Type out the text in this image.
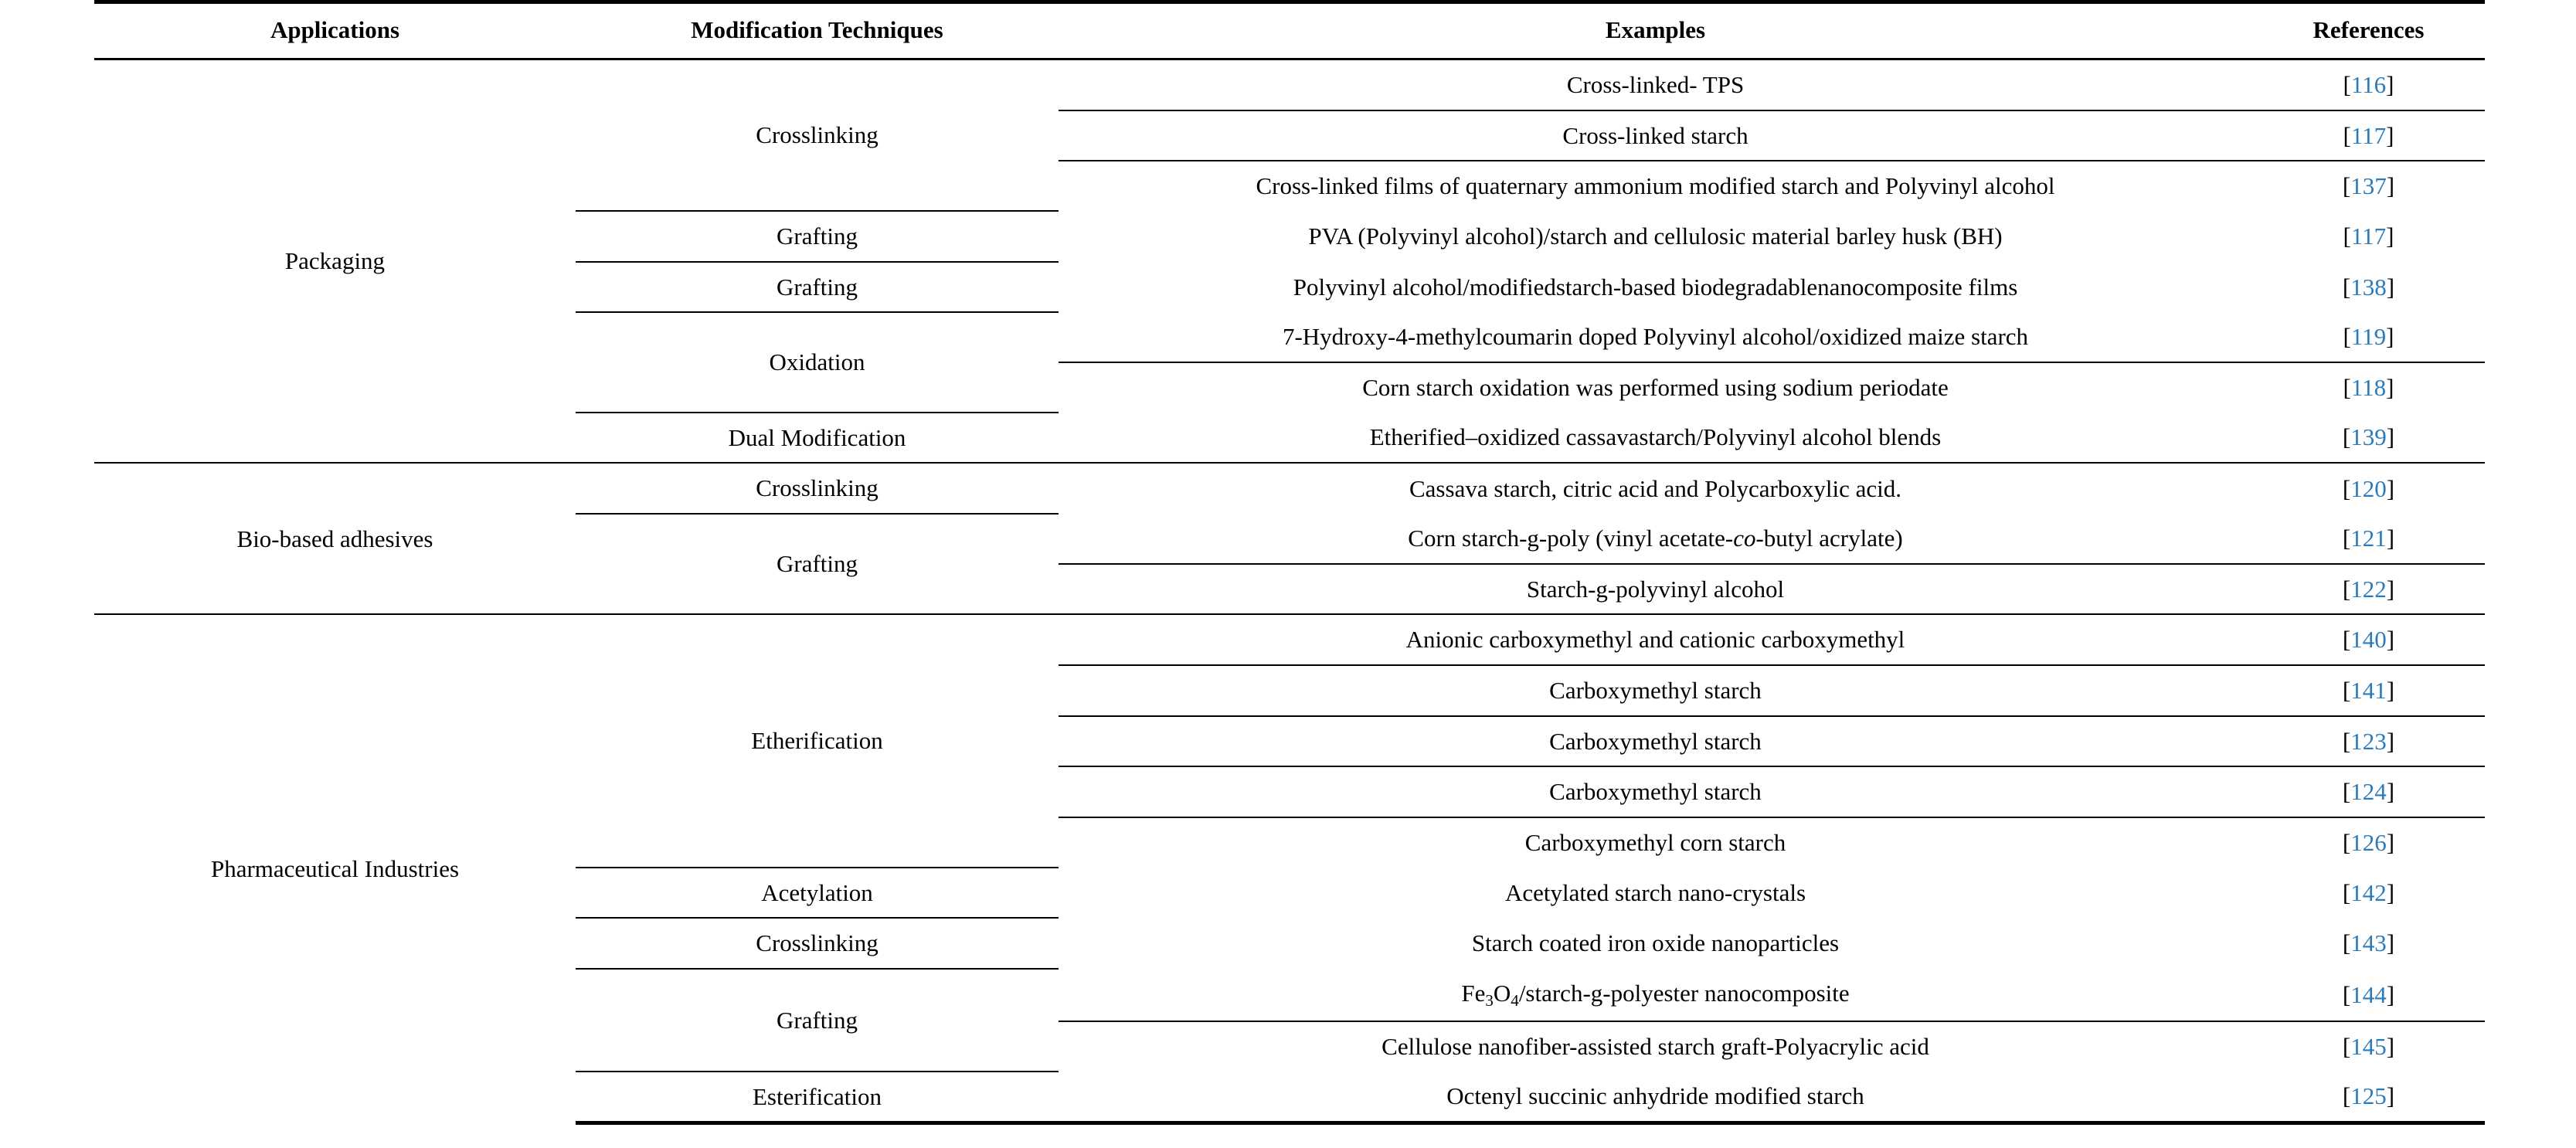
Applications	Modification Techniques	Examples	References
Packaging	Crosslinking	Cross-linked- TPS	[116]
		Cross-linked starch	[117]
		Cross-linked films of quaternary ammonium modified starch and Polyvinyl alcohol	[137]
	Grafting	PVA (Polyvinyl alcohol)/starch and cellulosic material barley husk (BH)	[117]
	Grafting	Polyvinyl alcohol/modifiedstarch-based biodegradablenanocomposite films	[138]
	Oxidation	7-Hydroxy-4-methylcoumarin doped Polyvinyl alcohol/oxidized maize starch	[119]
		Corn starch oxidation was performed using sodium periodate	[118]
	Dual Modification	Etherified–oxidized cassavastarch/Polyvinyl alcohol blends	[139]
Bio-based adhesives	Crosslinking	Cassava starch, citric acid and Polycarboxylic acid.	[120]
	Grafting	Corn starch-g-poly (vinyl acetate-co-butyl acrylate)	[121]
		Starch-g-polyvinyl alcohol	[122]
Pharmaceutical Industries	Etherification	Anionic carboxymethyl and cationic carboxymethyl	[140]
		Carboxymethyl starch	[141]
		Carboxymethyl starch	[123]
		Carboxymethyl starch	[124]
		Carboxymethyl corn starch	[126]
	Acetylation	Acetylated starch nano-crystals	[142]
	Crosslinking	Starch coated iron oxide nanoparticles	[143]
	Grafting	$Fe_3O_4/starch-g$-polyester nanocomposite	[144]
		Cellulose nanofiber-assisted starch graft-Polyacrylic acid	[145]
	Esterification	Octenyl succinic anhydride modified starch	[125]
